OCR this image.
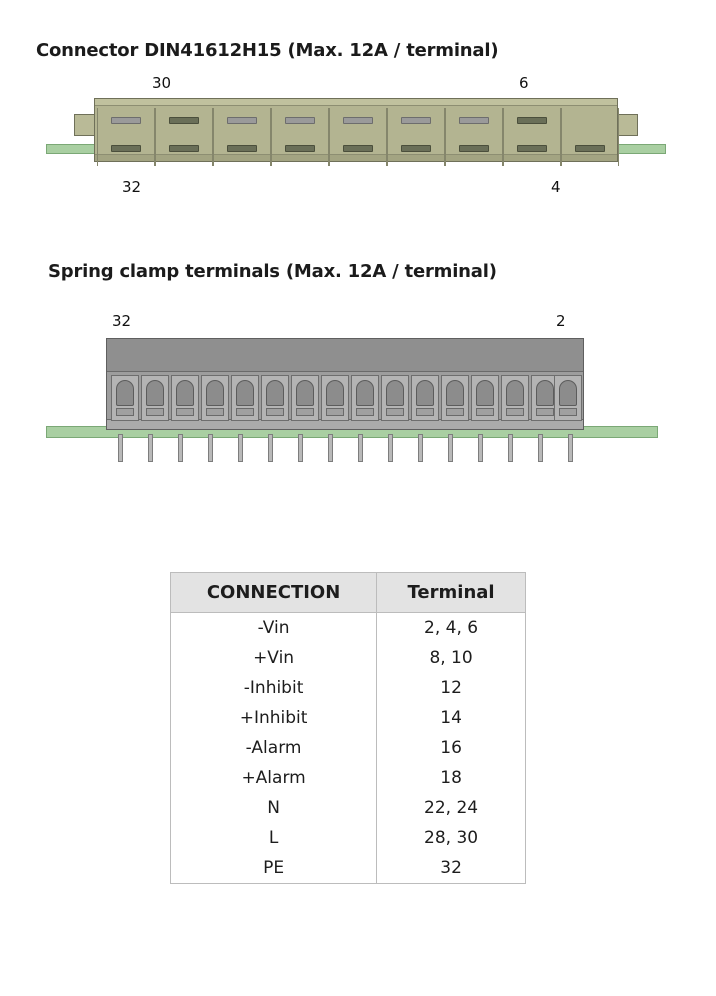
Connector DIN41612H15 (Max. 12A / terminal)
30	6
32	4
Spring clamp terminals (Max. 12A / terminal)
32	2
CONNECTION	Terminal
-Vin	2, 4, 6
+Vin	8, 10
-Inhibit	12
+Inhibit	14
-Alarm	16
+Alarm	18
N	22, 24
L	28, 30
PE	32
